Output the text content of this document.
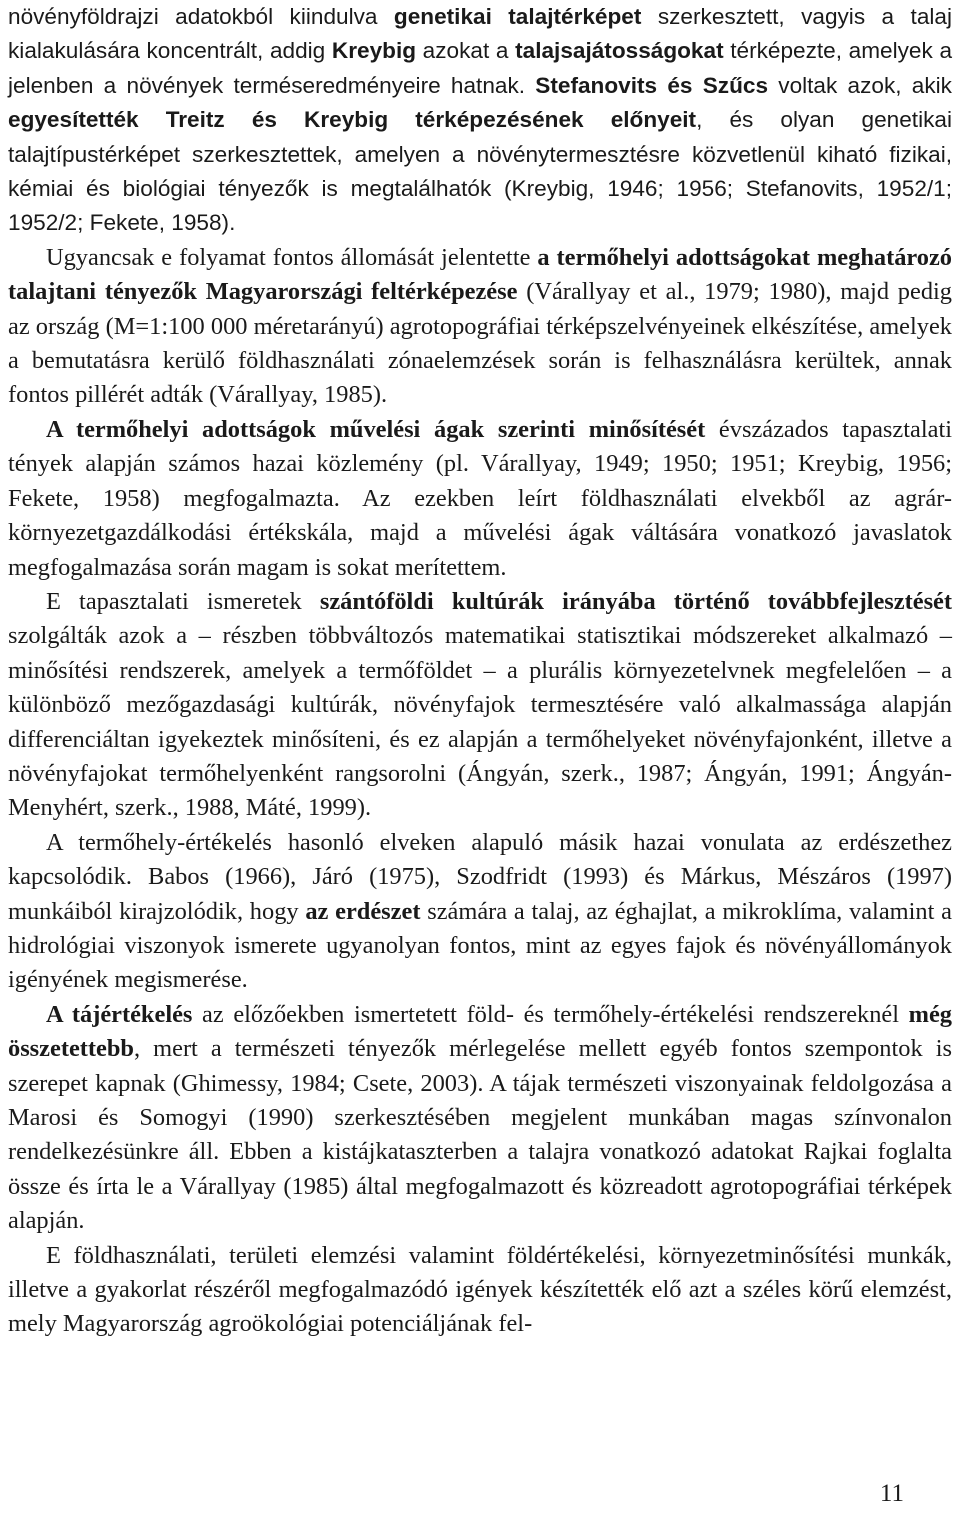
növényföldrajzi adatokból kiindulva genetikai talajtérképet szerkesztett, vagyis a talaj kialakulására koncentrált, addig Kreybig azokat a talajsajátosságokat térképezte, amelyek a jelenben a növények terméseredményeire hatnak. Stefanovits és Szűcs voltak azok, akik egyesítették Treitz és Kreybig térképezésének előnyeit, és olyan genetikai talajtípustérképet szerkesztettek, amelyen a növénytermesztésre közvetlenül kiható fizikai, kémiai és biológiai tényezők is megtalálhatók (Kreybig, 1946; 1956; Stefanovits, 1952/1; 1952/2; Fekete, 1958).

Ugyancsak e folyamat fontos állomását jelentette a termőhelyi adottságokat meghatározó talajtani tényezők Magyarországi feltérképezése (Várallyay et al., 1979; 1980), majd pedig az ország (M=1:100 000 méretarányú) agrotopográfiai térképszelvényeinek elkészítése, amelyek a bemutatásra kerülő földhasználati zónaelemzések során is felhasználásra kerültek, annak fontos pillérét adták (Várallyay, 1985).

A termőhelyi adottságok művelési ágak szerinti minősítését évszázados tapasztalati tények alapján számos hazai közlemény (pl. Várallyay, 1949; 1950; 1951; Kreybig, 1956; Fekete, 1958) megfogalmazta. Az ezekben leírt földhasználati elvekből az agrár-környezetgazdálkodási értékskála, majd a művelési ágak váltására vonatkozó javaslatok megfogalmazása során magam is sokat merítettem.

E tapasztalati ismeretek szántóföldi kultúrák irányába történő továbbfejlesztését szolgálták azok a – részben többváltozós matematikai statisztikai módszereket alkalmazó – minősítési rendszerek, amelyek a termőföldet – a plurális környezetelvnek megfelelően – a különböző mezőgazdasági kultúrák, növényfajok termesztésére való alkalmassága alapján differenciáltan igyekeztek minősíteni, és ez alapján a termőhelyeket növényfajonként, illetve a növényfajokat termőhelyenként rangsorolni (Ángyán, szerk., 1987; Ángyán, 1991; Ángyán-Menyhért, szerk., 1988, Máté, 1999).

A termőhely-értékelés hasonló elveken alapuló másik hazai vonulata az erdészethez kapcsolódik. Babos (1966), Járó (1975), Szodfridt (1993) és Márkus, Mészáros (1997) munkáiból kirajzolódik, hogy az erdészet számára a talaj, az éghajlat, a mikroklíma, valamint a hidrológiai viszonyok ismerete ugyanolyan fontos, mint az egyes fajok és növényállományok igényének megismerése.

A tájértékelés az előzőekben ismertetett föld- és termőhely-értékelési rendszereknél még összetettebb, mert a természeti tényezők mérlegelése mellett egyéb fontos szempontok is szerepet kapnak (Ghimessy, 1984; Csete, 2003). A tájak természeti viszonyainak feldolgozása a Marosi és Somogyi (1990) szerkesztésében megjelent munkában magas színvonalon rendelkezésünkre áll. Ebben a kistájkataszterben a talajra vonatkozó adatokat Rajkai foglalta össze és írta le a Várallyay (1985) által megfogalmazott és közreadott agrotopográfiai térképek alapján.

E földhasználati, területi elemzési valamint földértékelési, környezetminősítési munkák, illetve a gyakorlat részéről megfogalmazódó igények készítették elő azt a széles körű elemzést, mely Magyarország agroökológiai potenciáljának fel-

11
